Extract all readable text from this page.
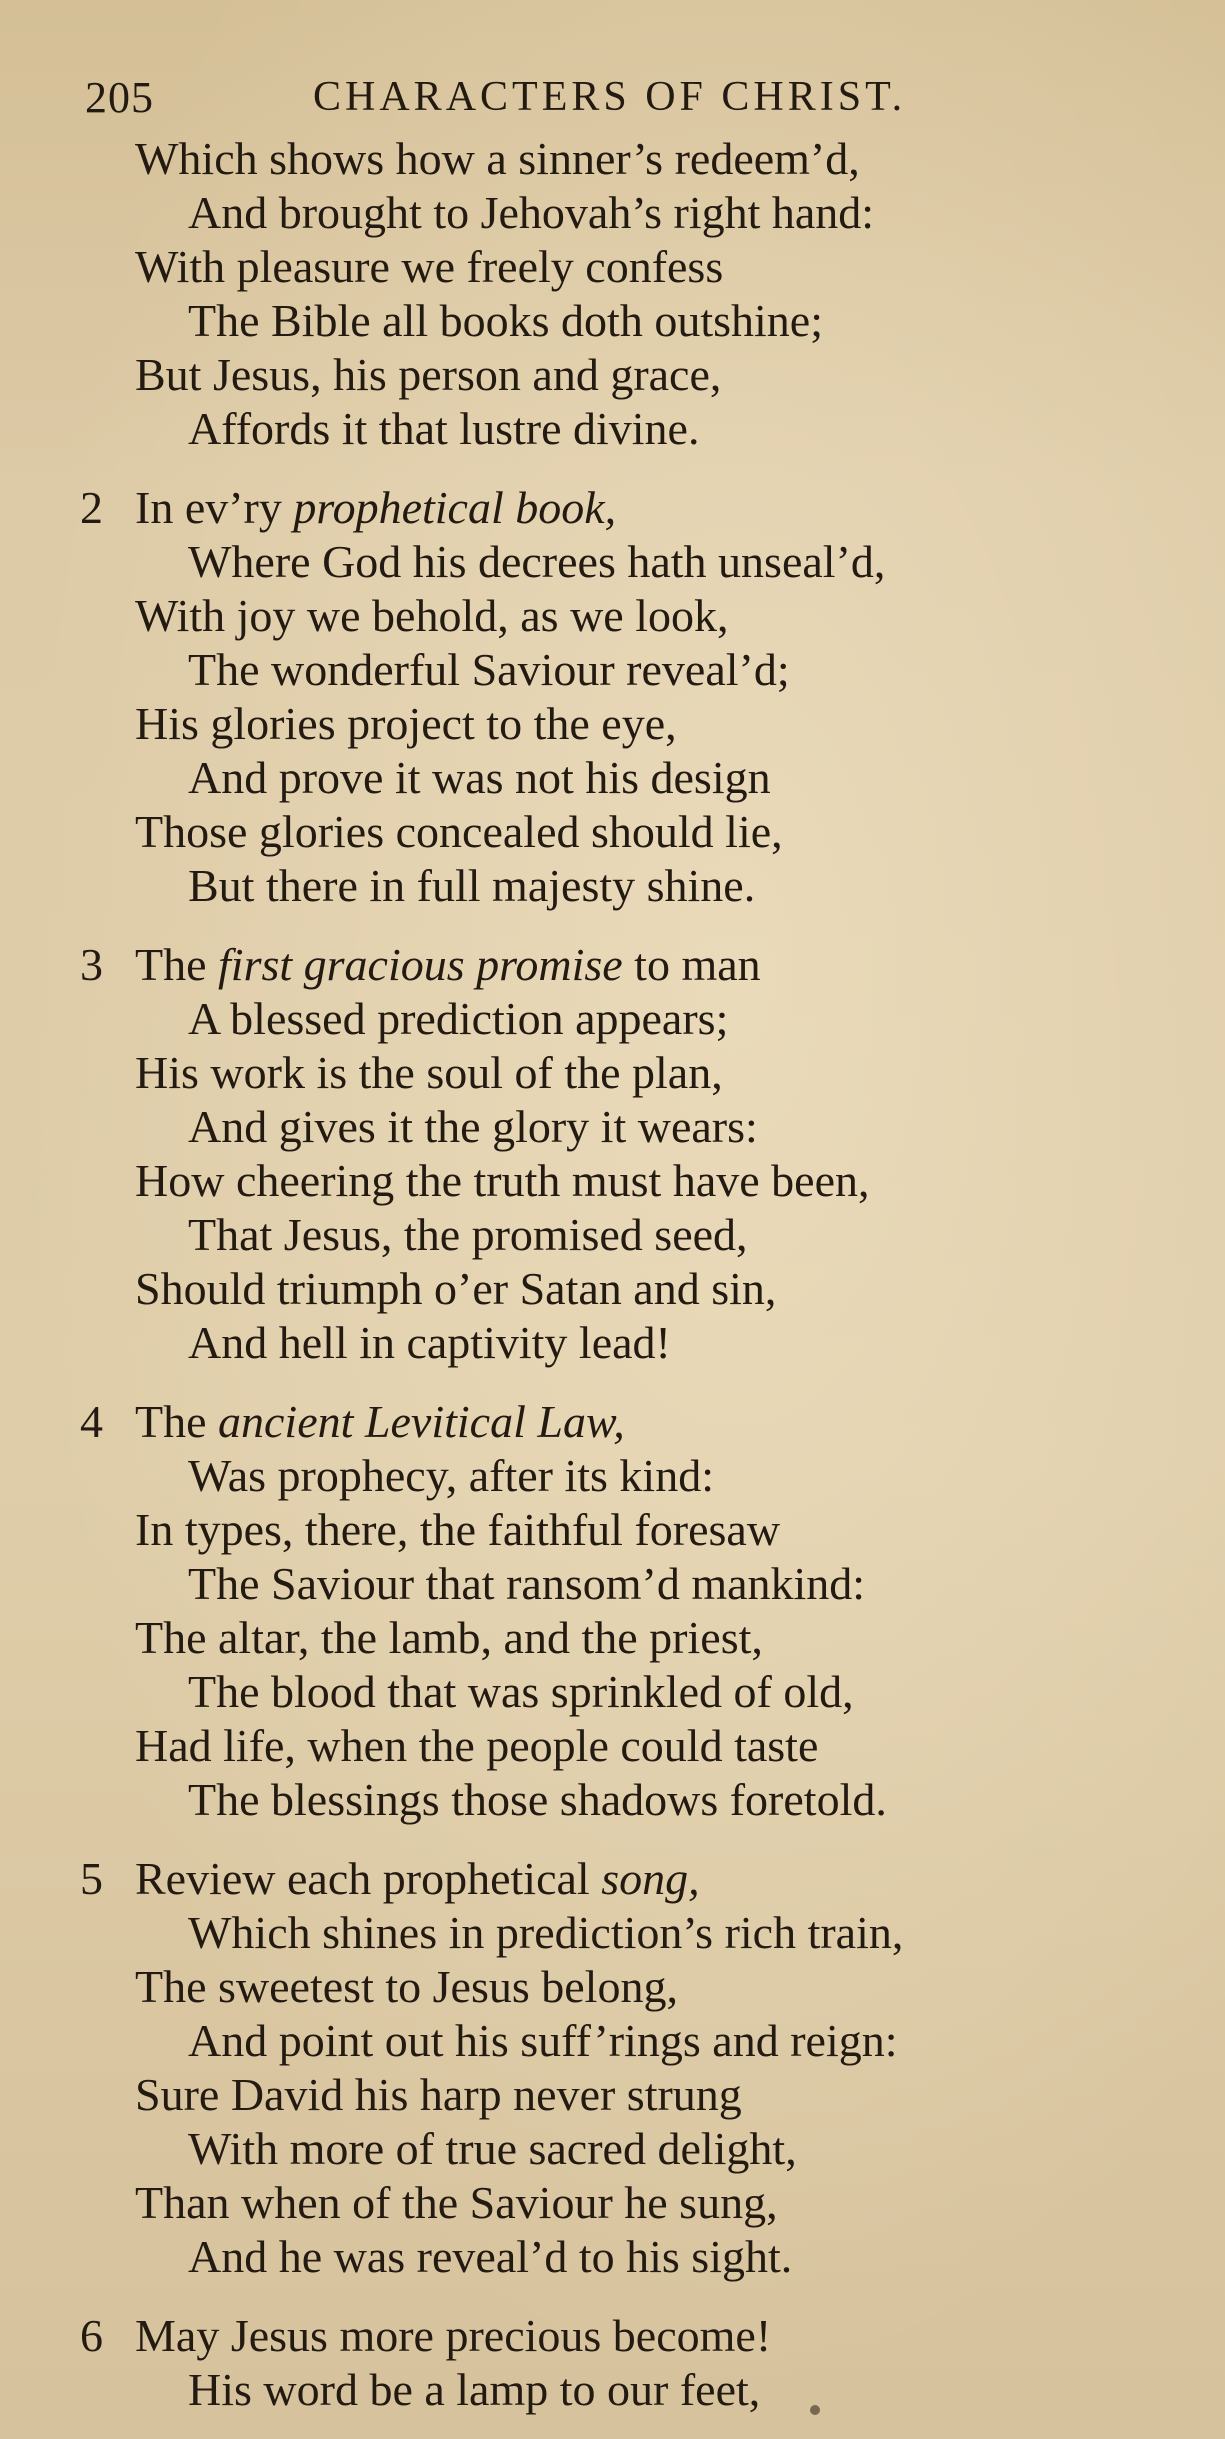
205	CHARACTERS OF CHRIST.
Which shows how a sinner’s redeem’d,
And brought to Jehovah’s right hand:
With pleasure we freely confess
The Bible all books doth outshine;
But Jesus, his person and grace,
Affords it that lustre divine.
2 In ev’ry prophetical book,
Where God his decrees hath unseal’d,
With joy we behold, as we look,
The wonderful Saviour reveal’d;
His glories project to the eye,
And prove it was not his design
Those glories concealed should lie,
But there in full majesty shine.
3 The first gracious promise to man
A blessed prediction appears;
His work is the soul of the plan,
And gives it the glory it wears:
How cheering the truth must have been,
That Jesus, the promised seed,
Should triumph o’er Satan and sin,
And hell in captivity lead!
4 The ancient Levitical Law,
Was prophecy, after its kind:
In types, there, the faithful foresaw
The Saviour that ransom’d mankind:
The altar, the lamb, and the priest,
The blood that was sprinkled of old,
Had life, when the people could taste
The blessings those shadows foretold.
5 Review each prophetical song,
Which shines in prediction’s rich train,
The sweetest to Jesus belong,
And point out his suff’rings and reign:
Sure David his harp never strung
With more of true sacred delight,
Than when of the Saviour he sung,
And he was reveal’d to his sight.
6 May Jesus more precious become!
His word be a lamp to our feet,
